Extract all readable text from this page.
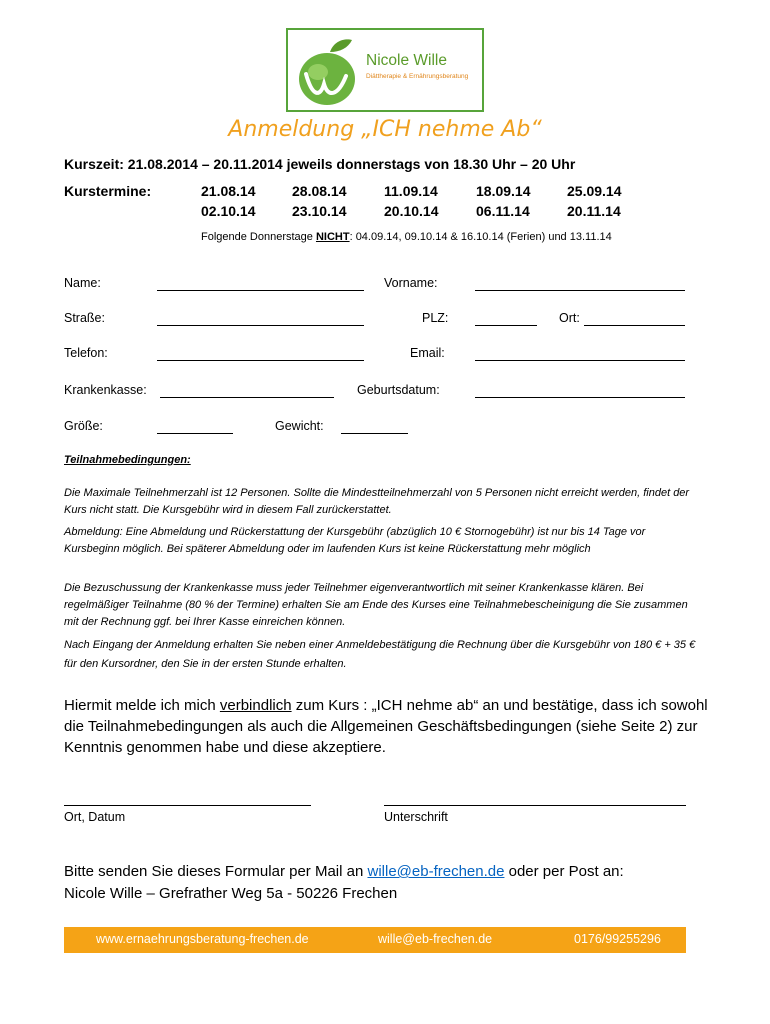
Nicole Wille
Diättherapie & Ernährungsberatung
Anmeldung „ICH nehme Ab“
Kurszeit: 21.08.2014 – 20.11.2014 jeweils donnerstags von 18.30 Uhr – 20 Uhr
Kurstermine:	21.08.14	28.08.14	11.09.14	18.09.14	25.09.14
02.10.14	23.10.14	20.10.14	06.11.14	20.11.14
Folgende Donnerstage NICHT: 04.09.14, 09.10.14 & 16.10.14 (Ferien) und 13.11.14
Name:	Vorname:
Straße:	PLZ:	Ort:
Telefon:	Email:
Krankenkasse:	Geburtsdatum:
Größe:	Gewicht:
Teilnahmebedingungen:
Die Maximale Teilnehmerzahl ist 12 Personen. Sollte die Mindestteilnehmerzahl von 5 Personen nicht erreicht werden, findet der Kurs nicht statt. Die Kursgebühr wird in diesem Fall zurückerstattet.
Abmeldung: Eine Abmeldung und Rückerstattung der Kursgebühr (abzüglich 10 € Stornogebühr) ist nur bis 14 Tage vor Kursbeginn möglich. Bei späterer Abmeldung oder im laufenden Kurs ist keine Rückerstattung mehr möglich
Die Bezuschussung der Krankenkasse muss jeder Teilnehmer eigenverantwortlich mit seiner Krankenkasse klären. Bei regelmäßiger Teilnahme (80 % der Termine) erhalten Sie am Ende des Kurses eine Teilnahmebescheinigung die Sie zusammen mit der Rechnung ggf. bei Ihrer Kasse einreichen können.
Nach Eingang der Anmeldung erhalten Sie neben einer Anmeldebestätigung die Rechnung über die Kursgebühr von 180 € + 35 € für den Kursordner, den Sie in der ersten Stunde erhalten.
Hiermit melde ich mich verbindlich zum Kurs : „ICH nehme ab“ an und bestätige, dass ich sowohl die Teilnahmebedingungen als auch die Allgemeinen Geschäftsbedingungen (siehe Seite 2) zur Kenntnis genommen habe und diese akzeptiere.
Ort, Datum	Unterschrift
Bitte senden Sie dieses Formular per Mail an wille@eb-frechen.de oder per Post an:
Nicole Wille – Grefrather Weg 5a - 50226 Frechen
www.ernaehrungsberatung-frechen.de	wille@eb-frechen.de	0176/99255296
